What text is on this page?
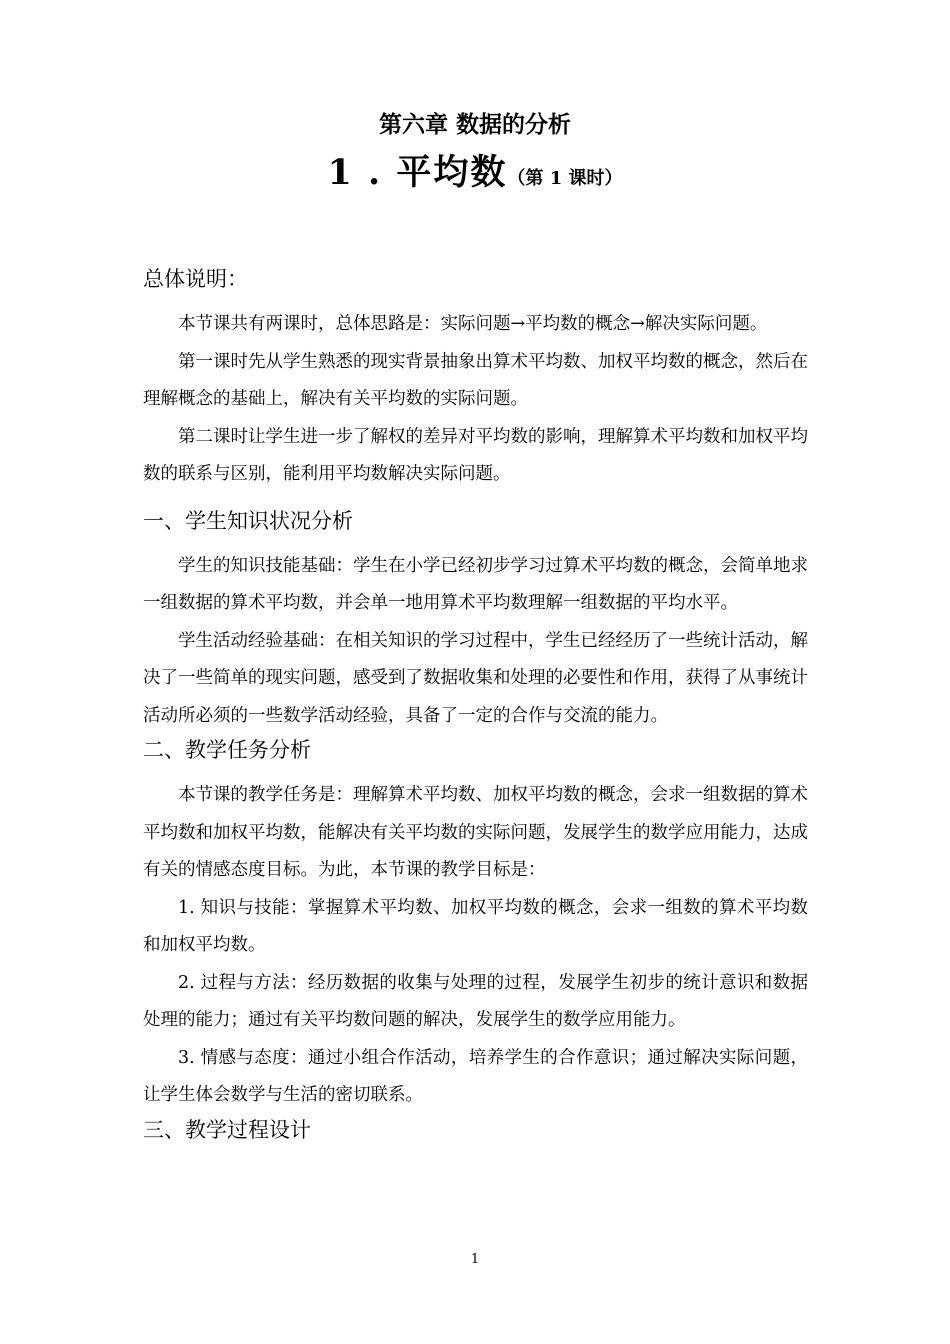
第六章 数据的分析
1 . 平均数（第 1 课时）

总体说明：

本节课共有两课时，总体思路是：实际问题→平均数的概念→解决实际问题。

第一课时先从学生熟悉的现实背景抽象出算术平均数、加权平均数的概念，然后在理解概念的基础上，解决有关平均数的实际问题。

第二课时让学生进一步了解权的差异对平均数的影响，理解算术平均数和加权平均数的联系与区别，能利用平均数解决实际问题。

一、学生知识状况分析

学生的知识技能基础：学生在小学已经初步学习过算术平均数的概念，会简单地求一组数据的算术平均数，并会单一地用算术平均数理解一组数据的平均水平。

学生活动经验基础：在相关知识的学习过程中，学生已经经历了一些统计活动，解决了一些简单的现实问题，感受到了数据收集和处理的必要性和作用，获得了从事统计活动所必须的一些数学活动经验，具备了一定的合作与交流的能力。

二、教学任务分析

本节课的教学任务是：理解算术平均数、加权平均数的概念，会求一组数据的算术平均数和加权平均数，能解决有关平均数的实际问题，发展学生的数学应用能力，达成有关的情感态度目标。为此，本节课的教学目标是：

1. 知识与技能：掌握算术平均数、加权平均数的概念，会求一组数的算术平均数和加权平均数。

2. 过程与方法：经历数据的收集与处理的过程，发展学生初步的统计意识和数据处理的能力；通过有关平均数问题的解决，发展学生的数学应用能力。

3. 情感与态度：通过小组合作活动，培养学生的合作意识；通过解决实际问题，让学生体会数学与生活的密切联系。

三、教学过程设计

1
